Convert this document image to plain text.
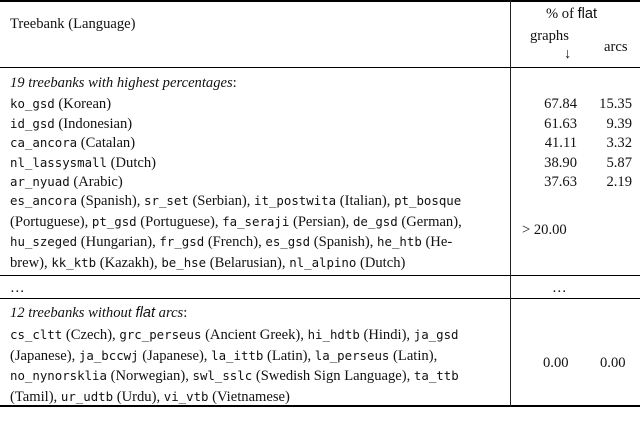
Treebank (Language)
% of flat
graphs
↓ arcs
19 treebanks with highest percentages:
ko_gsd (Korean)	67.84 15.35
id_gsd (Indonesian)	61.63 9.39
ca_ancora (Catalan)	41.11 3.32
nl_lassysmall (Dutch)	38.90 5.87
ar_nyuad (Arabic)	37.63 2.19
es_ancora (Spanish), sr_set (Serbian), it_postwita (Italian), pt_bosque
(Portuguese), pt_gsd (Portuguese), fa_seraji (Persian), de_gsd (German),
hu_szeged (Hungarian), fr_gsd (French), es_gsd (Spanish), he_htb (He-
brew), kk_ktb (Kazakh), be_hse (Belarusian), nl_alpino (Dutch)
> 20.00
…	…
12 treebanks without flat arcs:
cs_cltt (Czech), grc_perseus (Ancient Greek), hi_hdtb (Hindi), ja_gsd
(Japanese), ja_bccwj (Japanese), la_ittb (Latin), la_perseus (Latin),
no_nynorsklia (Norwegian), swl_sslc (Swedish Sign Language), ta_ttb
(Tamil), ur_udtb (Urdu), vi_vtb (Vietnamese)
0.00 0.00
